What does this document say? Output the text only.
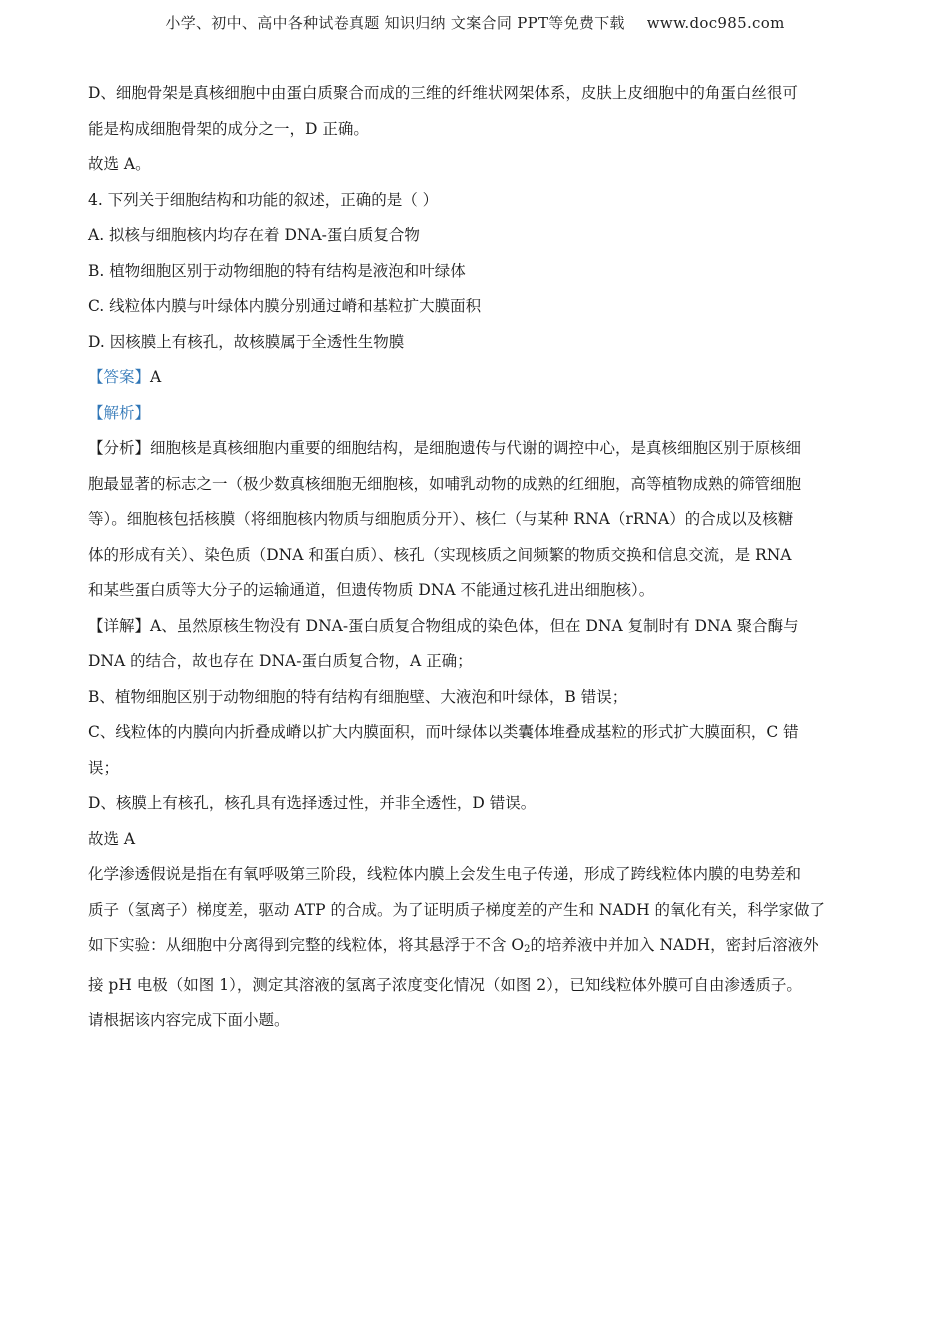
小学、初中、高中各种试卷真题 知识归纳 文案合同 PPT等免费下载 www.doc985.com

D、细胞骨架是真核细胞中由蛋白质聚合而成的三维的纤维状网架体系，皮肤上皮细胞中的角蛋白丝很可

能是构成细胞骨架的成分之一，D 正确。

故选 A。

4. 下列关于细胞结构和功能的叙述，正确的是（ ）

A. 拟核与细胞核内均存在着 DNA-蛋白质复合物

B. 植物细胞区别于动物细胞的特有结构是液泡和叶绿体

C. 线粒体内膜与叶绿体内膜分别通过嵴和基粒扩大膜面积

D. 因核膜上有核孔，故核膜属于全透性生物膜

【答案】A

【解析】

【分析】细胞核是真核细胞内重要的细胞结构，是细胞遗传与代谢的调控中心，是真核细胞区别于原核细

胞最显著的标志之一（极少数真核细胞无细胞核，如哺乳动物的成熟的红细胞，高等植物成熟的筛管细胞

等）。细胞核包括核膜（将细胞核内物质与细胞质分开）、核仁（与某种 RNA（rRNA）的合成以及核糖

体的形成有关）、染色质（DNA 和蛋白质）、核孔（实现核质之间频繁的物质交换和信息交流，是 RNA

和某些蛋白质等大分子的运输通道，但遗传物质 DNA 不能通过核孔进出细胞核）。

【详解】A、虽然原核生物没有 DNA-蛋白质复合物组成的染色体，但在 DNA 复制时有 DNA 聚合酶与

DNA 的结合，故也存在 DNA-蛋白质复合物，A 正确；

B、植物细胞区别于动物细胞的特有结构有细胞壁、大液泡和叶绿体，B 错误；

C、线粒体的内膜向内折叠成嵴以扩大内膜面积，而叶绿体以类囊体堆叠成基粒的形式扩大膜面积，C 错

误；

D、核膜上有核孔，核孔具有选择透过性，并非全透性，D 错误。

故选 A

化学渗透假说是指在有氧呼吸第三阶段，线粒体内膜上会发生电子传递，形成了跨线粒体内膜的电势差和

质子（氢离子）梯度差，驱动 ATP 的合成。为了证明质子梯度差的产生和 NADH 的氧化有关，科学家做了

如下实验：从细胞中分离得到完整的线粒体，将其悬浮于不含 $O_2$的培养液中并加入 NADH，密封后溶液外

接 pH 电极（如图 1），测定其溶液的氢离子浓度变化情况（如图 2），已知线粒体外膜可自由渗透质子。

请根据该内容完成下面小题。
